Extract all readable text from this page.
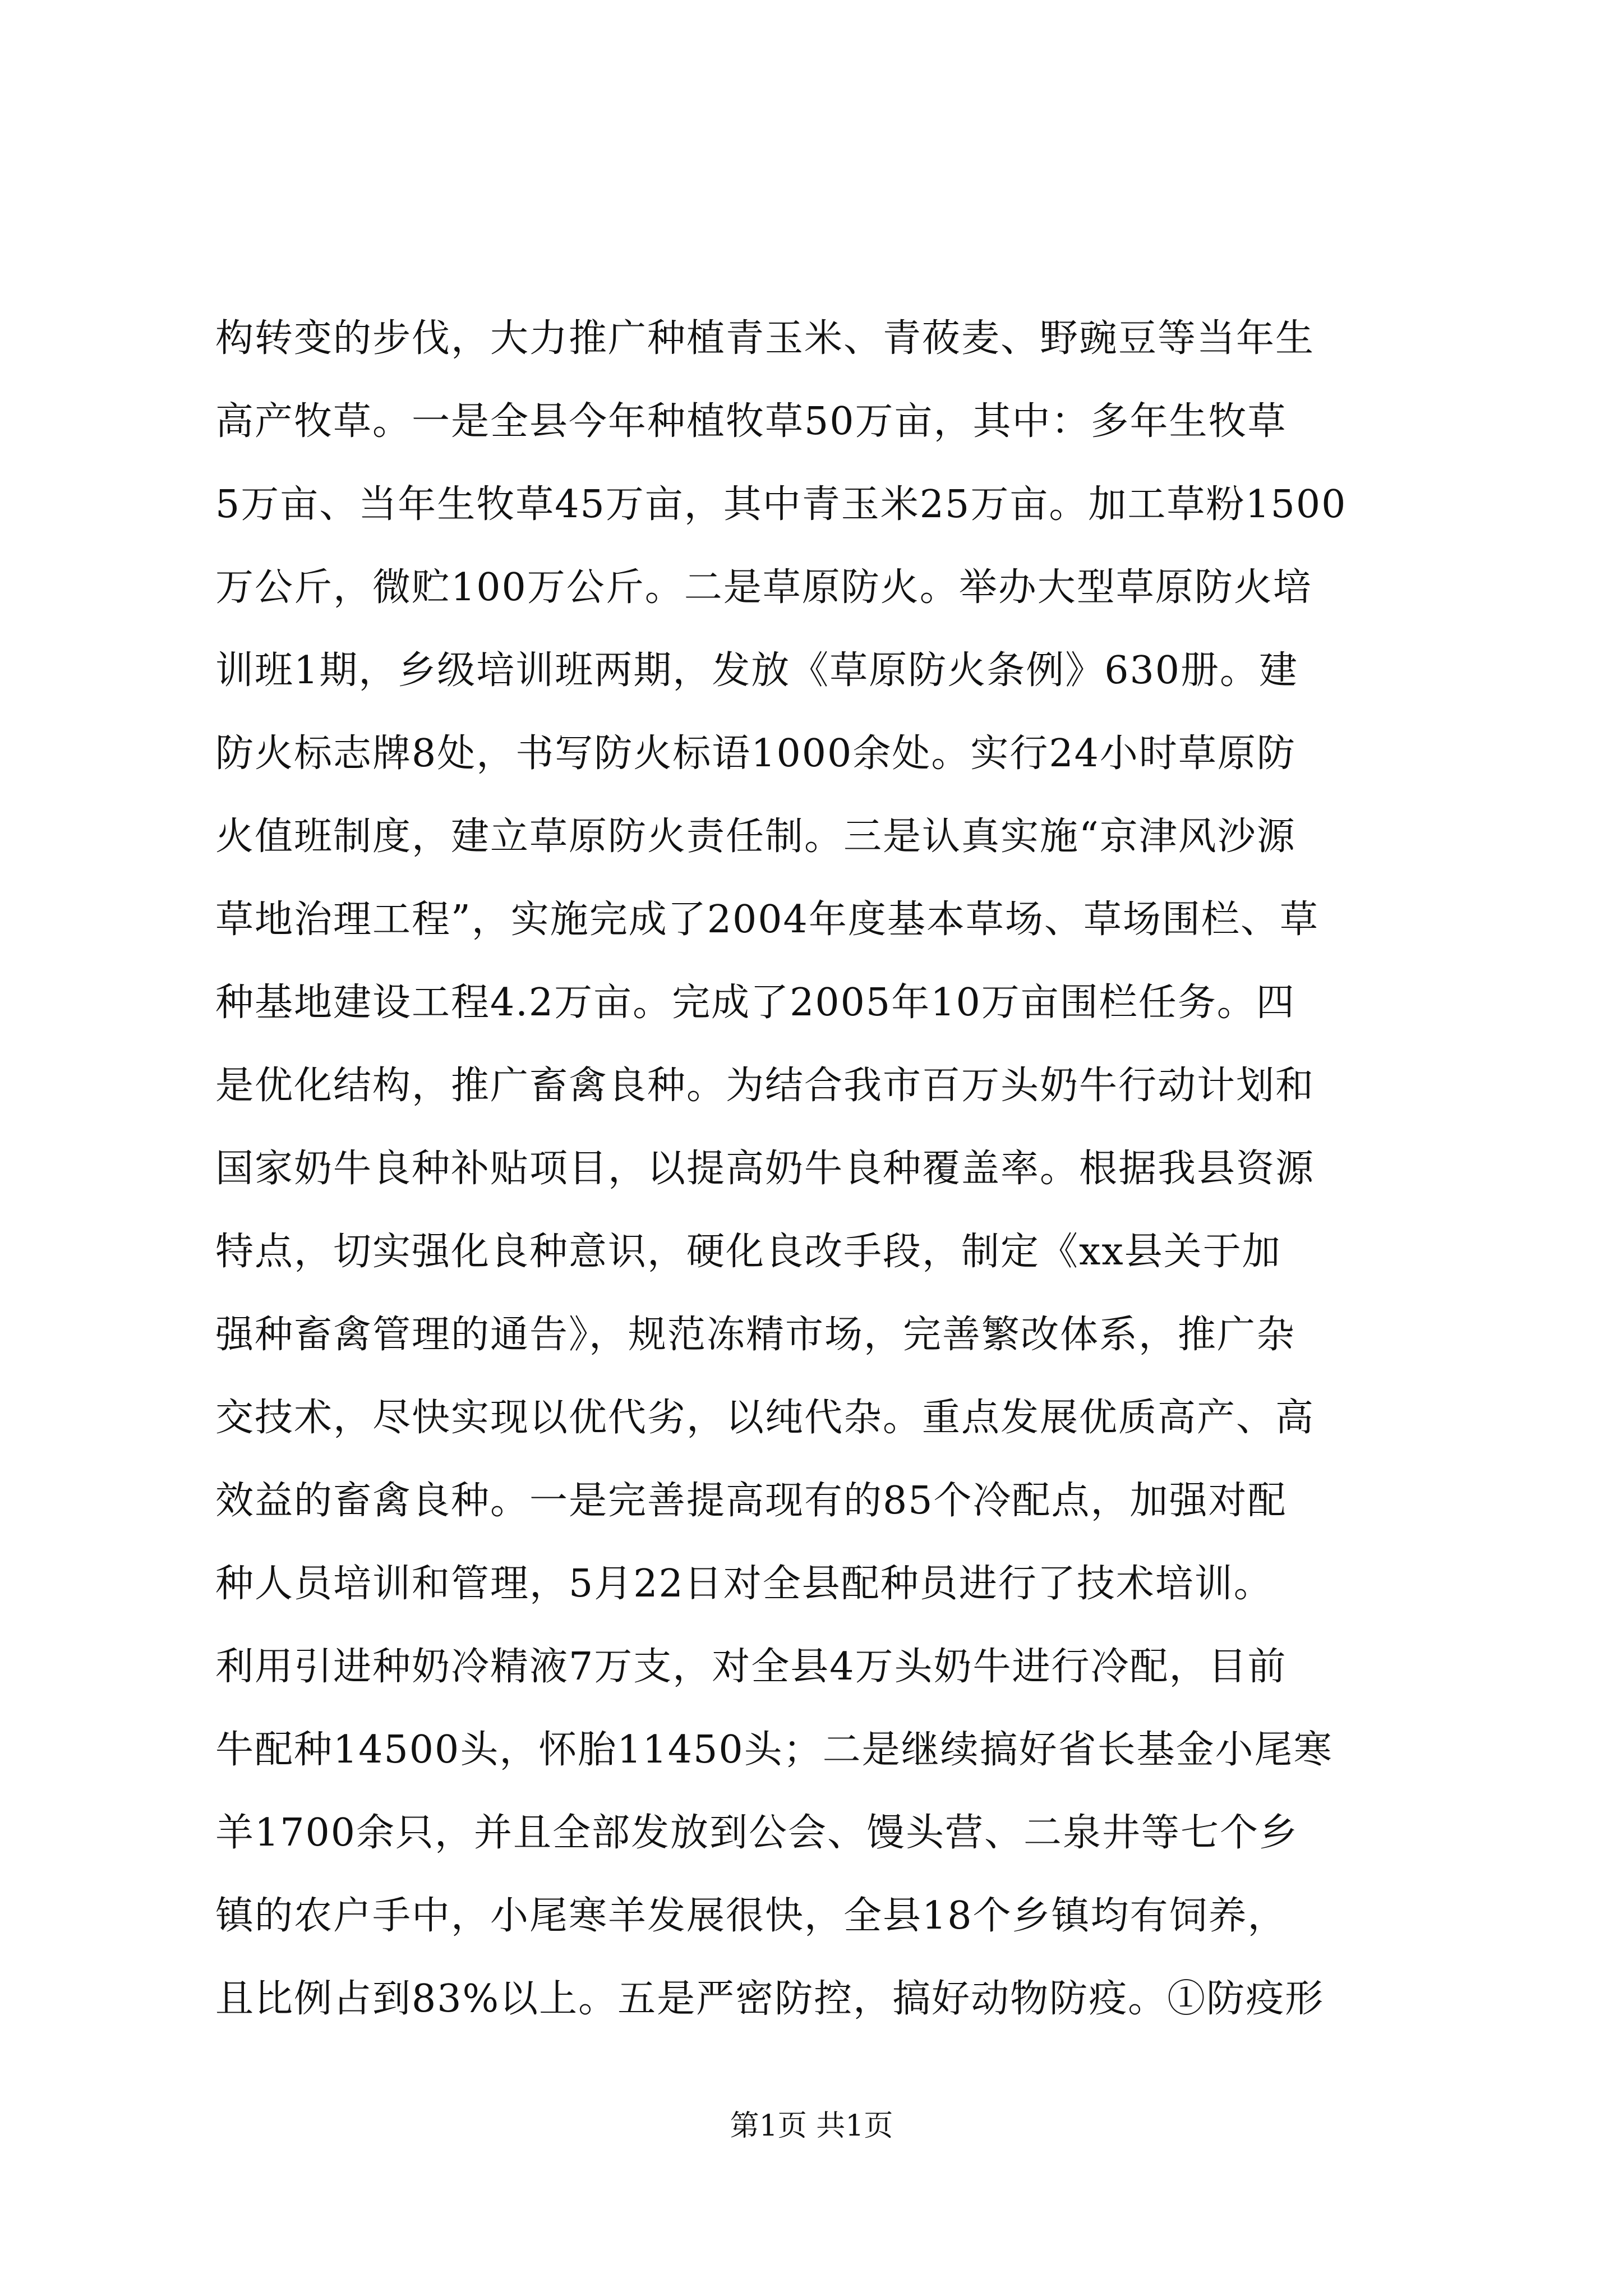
构转变的步伐，大力推广种植青玉米、青莜麦、野豌豆等当年生
高产牧草。一是全县今年种植牧草50万亩，其中：多年生牧草
5万亩、当年生牧草45万亩，其中青玉米25万亩。加工草粉1500
万公斤，微贮100万公斤。二是草原防火。举办大型草原防火培
训班1期，乡级培训班两期，发放《草原防火条例》630册。建
防火标志牌8处，书写防火标语1000余处。实行24小时草原防
火值班制度，建立草原防火责任制。三是认真实施“京津风沙源
草地治理工程”，实施完成了2004年度基本草场、草场围栏、草
种基地建设工程4.2万亩。完成了2005年10万亩围栏任务。四
是优化结构，推广畜禽良种。为结合我市百万头奶牛行动计划和
国家奶牛良种补贴项目，以提高奶牛良种覆盖率。根据我县资源
特点，切实强化良种意识，硬化良改手段，制定《xx县关于加
强种畜禽管理的通告》，规范冻精市场，完善繁改体系，推广杂
交技术，尽快实现以优代劣，以纯代杂。重点发展优质高产、高
效益的畜禽良种。一是完善提高现有的85个冷配点，加强对配
种人员培训和管理，5月22日对全县配种员进行了技术培训。
利用引进种奶冷精液7万支，对全县4万头奶牛进行冷配，目前
牛配种14500头，怀胎11450头；二是继续搞好省长基金小尾寒
羊1700余只，并且全部发放到公会、馒头营、二泉井等七个乡
镇的农户手中，小尾寒羊发展很快，全县18个乡镇均有饲养，
且比例占到83%以上。五是严密防控，搞好动物防疫。①防疫形
第1页 共1页
